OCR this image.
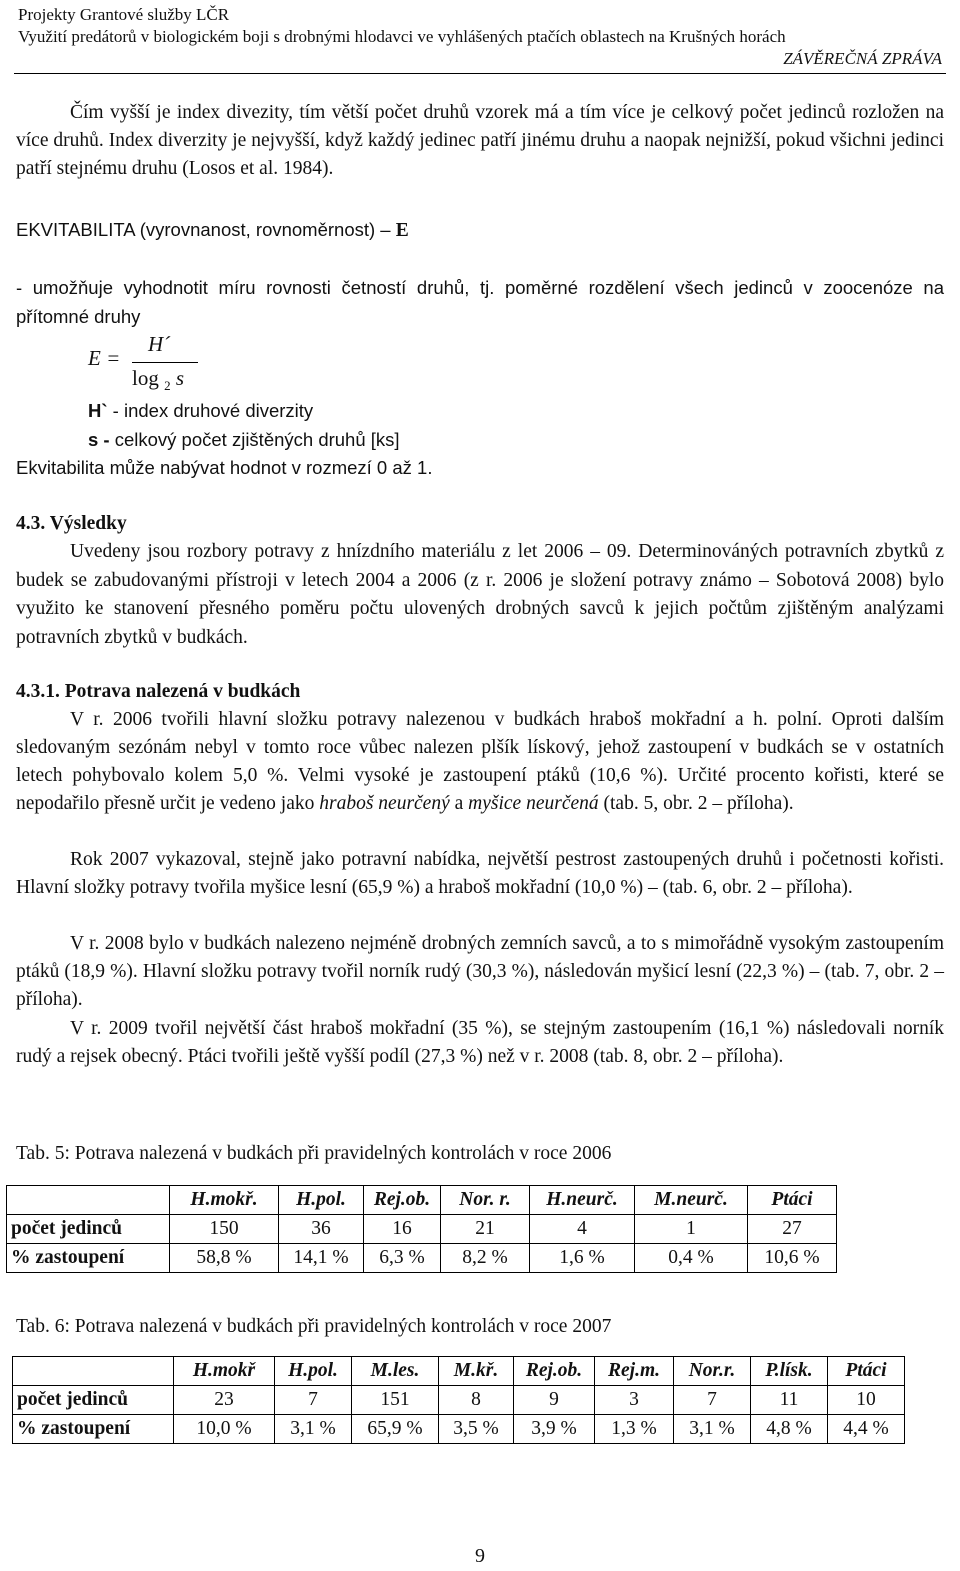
Projekty Grantové služby LČR
Využití predátorů v biologickém boji s drobnými hlodavci ve vyhlášených ptačích oblastech na Krušných horách
ZÁVĚREČNÁ ZPRÁVA
Čím vyšší je index divezity, tím větší počet druhů vzorek má a tím více je celkový počet jedinců rozložen na více druhů. Index diverzity je nejvyšší, když každý jedinec patří jinému druhu a naopak nejnižší, pokud všichni jedinci patří stejnému druhu (Losos et al. 1984).
EKVITABILITA (vyrovnanost, rovnoměrnost) – E
- umožňuje vyhodnotit míru rovnosti četností druhů, tj. poměrné rozdělení všech jedinců v zoocenóze na přítomné druhy
E =
H´
log $_2$ s
H` - index druhové diverzity
s - celkový počet zjištěných druhů [ks]
Ekvitabilita může nabývat hodnot v rozmezí 0 až 1.
4.3. Výsledky
Uvedeny jsou rozbory potravy z hnízdního materiálu z let 2006 – 09. Determinováných potravních zbytků z budek se zabudovanými přístroji v letech 2004 a 2006 (z r. 2006 je složení potravy známo – Sobotová 2008) bylo využito ke stanovení přesného poměru počtu ulovených drobných savců k jejich počtům zjištěným analýzami potravních zbytků v budkách.
4.3.1. Potrava nalezená v budkách
V r. 2006 tvořili hlavní složku potravy nalezenou v budkách hraboš mokřadní a h. polní. Oproti dalším sledovaným sezónám nebyl v tomto roce vůbec nalezen plšík lískový, jehož zastoupení v budkách se v ostatních letech pohybovalo kolem 5,0 %. Velmi vysoké je zastoupení ptáků (10,6 %). Určité procento kořisti, které se nepodařilo přesně určit je vedeno jako hraboš neurčený a myšice neurčená (tab. 5, obr. 2 – příloha).
Rok 2007 vykazoval, stejně jako potravní nabídka, největší pestrost zastoupených druhů i početnosti kořisti. Hlavní složky potravy tvořila myšice lesní (65,9 %) a hraboš mokřadní (10,0 %) – (tab. 6, obr. 2 – příloha).
V r. 2008 bylo v budkách nalezeno nejméně drobných zemních savců, a to s mimořádně vysokým zastoupením ptáků (18,9 %). Hlavní složku potravy tvořil norník rudý (30,3 %), následován myšicí lesní (22,3 %) – (tab. 7, obr. 2 – příloha).
V r. 2009 tvořil největší část hraboš mokřadní (35 %), se stejným zastoupením (16,1 %) následovali norník rudý a rejsek obecný. Ptáci tvořili ještě vyšší podíl (27,3 %) než v r. 2008 (tab. 8, obr. 2 – příloha).
Tab. 5: Potrava nalezená v budkách při pravidelných kontrolách v roce 2006
	H.mokř.	H.pol.	Rej.ob.	Nor. r.	H.neurč.	M.neurč.	Ptáci
počet jedinců	150	36	16	21	4	1	27
% zastoupení	58,8 %	14,1 %	6,3 %	8,2 %	1,6 %	0,4 %	10,6 %
Tab. 6: Potrava nalezená v budkách při pravidelných kontrolách v roce 2007
	H.mokř	H.pol.	M.les.	M.kř.	Rej.ob.	Rej.m.	Nor.r.	P.lísk.	Ptáci
počet jedinců	23	7	151	8	9	3	7	11	10
% zastoupení	10,0 %	3,1 %	65,9 %	3,5 %	3,9 %	1,3 %	3,1 %	4,8 %	4,4 %
9
